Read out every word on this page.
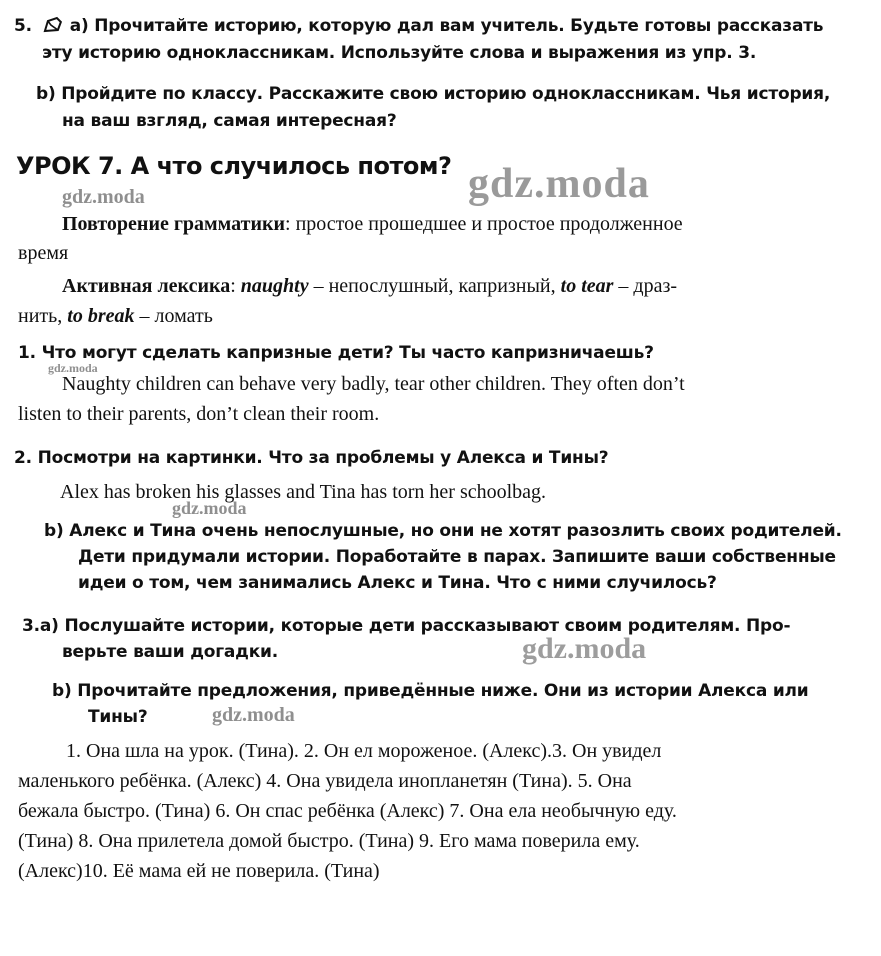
5. a) Прочитайте историю, которую дал вам учитель. Будьте готовы рассказать
эту историю одноклассникам. Используйте слова и выражения из упр. 3.
b) Пройдите по классу. Расскажите свою историю одноклассникам. Чья история,
на ваш взгляд, самая интересная?
УРОК 7. А что случилось потом? gdz.moda
gdz.moda
Повторение грамматики: простое прошедшее и простое продолженное
время
Активная лексика: naughty – непослушный, капризный, to tear – драз-
нить, to break – ломать
1. Что могут сделать капризные дети? Ты часто капризничаешь?
gdz.moda
Naughty children can behave very badly, tear other children. They often don’t
listen to their parents, don’t clean their room.
2. Посмотри на картинки. Что за проблемы у Алекса и Тины?
Alex has broken his glasses and Tina has torn her schoolbag.
gdz.moda
b) Алекс и Тина очень непослушные, но они не хотят разозлить своих родителей.
Дети придумали истории. Поработайте в парах. Запишите ваши собственные
идеи о том, чем занимались Алекс и Тина. Что с ними случилось?
3.a) Послушайте истории, которые дети рассказывают своим родителям. Про-
верьте ваши догадки.	gdz.moda
b) Прочитайте предложения, приведённые ниже. Они из истории Алекса или
Тины?	gdz.moda
1. Она шла на урок. (Тина). 2. Он ел мороженое. (Алекс).3. Он увидел
маленького ребёнка. (Алекс) 4. Она увидела инопланетян (Тина). 5. Она
бежала быстро. (Тина) 6. Он спас ребёнка (Алекс) 7. Она ела необычную еду.
(Тина) 8. Она прилетела домой быстро. (Тина) 9. Его мама поверила ему.
(Алекс)10. Её мама ей не поверила. (Тина)
